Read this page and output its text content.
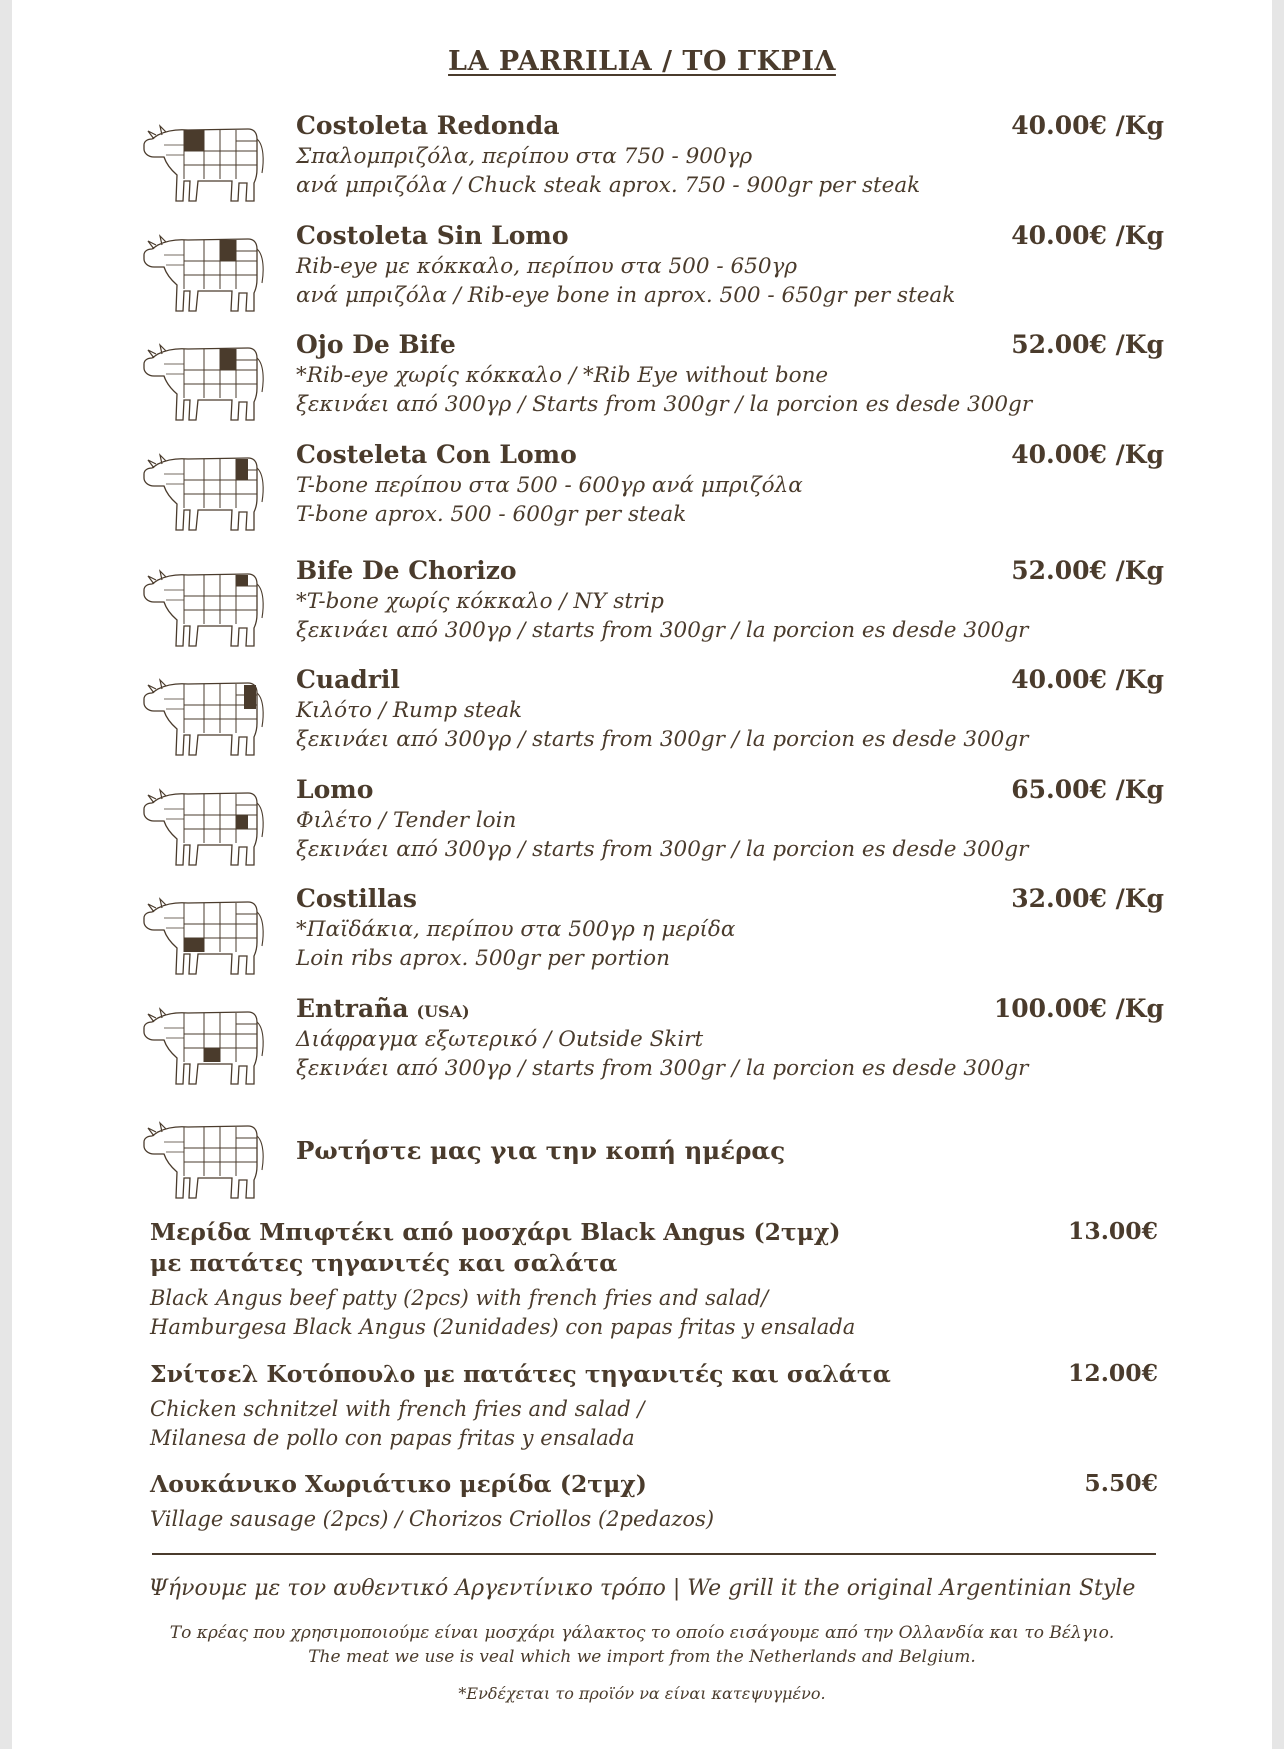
LA PARRILIA / ΤΟ ΓΚΡΙΛ
Costoleta Redonda	40.00€ /Kg
Σπαλομπριζόλα, περίπου στα 750 - 900γρ
ανά μπριζόλα / Chuck steak aprox. 750 - 900gr per steak
Costoleta Sin Lomo	40.00€ /Kg
Rib-eye με κόκκαλο, περίπου στα 500 - 650γρ
ανά μπριζόλα / Rib-eye bone in aprox. 500 - 650gr per steak
Ojo De Bife	52.00€ /Kg
*Rib-eye χωρίς κόκκαλο / *Rib Eye without bone
ξεκινάει από 300γρ / Starts from 300gr / la porcion es desde 300gr
Costeleta Con Lomo	40.00€ /Kg
T-bone περίπου στα 500 - 600γρ ανά μπριζόλα
T-bone aprox. 500 - 600gr per steak
Bife De Chorizo	52.00€ /Kg
*T-bone χωρίς κόκκαλο / NY strip
ξεκινάει από 300γρ / starts from 300gr / la porcion es desde 300gr
Cuadril	40.00€ /Kg
Κιλότο / Rump steak
ξεκινάει από 300γρ / starts from 300gr / la porcion es desde 300gr
Lomo	65.00€ /Kg
Φιλέτο / Tender loin
ξεκινάει από 300γρ / starts from 300gr / la porcion es desde 300gr
Costillas	32.00€ /Kg
*Παϊδάκια, περίπου στα 500γρ η μερίδα
Loin ribs aprox. 500gr per portion
Entraña (USA)	100.00€ /Kg
Διάφραγμα εξωτερικό / Outside Skirt
ξεκινάει από 300γρ / starts from 300gr / la porcion es desde 300gr
Ρωτήστε μας για την κοπή ημέρας
Μερίδα Μπιφτέκι από μοσχάρι Black Angus (2τμχ)
με πατάτες τηγανιτές και σαλάτα
13.00€
Black Angus beef patty (2pcs) with french fries and salad/
Hamburgesa Black Angus (2unidades) con papas fritas y ensalada
Σνίτσελ Κοτόπουλο με πατάτες τηγανιτές και σαλάτα	12.00€
Chicken schnitzel with french fries and salad /
Milanesa de pollo con papas fritas y ensalada
Λουκάνικο Χωριάτικο μερίδα (2τμχ)	5.50€
Village sausage (2pcs) / Chorizos Criollos (2pedazos)
Ψήνουμε με τον αυθεντικό Αργεντίνικο τρόπο | We grill it the original Argentinian Style
Το κρέας που χρησιμοποιούμε είναι μοσχάρι γάλακτος το οποίο εισάγουμε από την Ολλανδία και το Βέλγιο.
The meat we use is veal which we import from the Netherlands and Belgium.
*Ενδέχεται το προϊόν να είναι κατεψυγμένο.
